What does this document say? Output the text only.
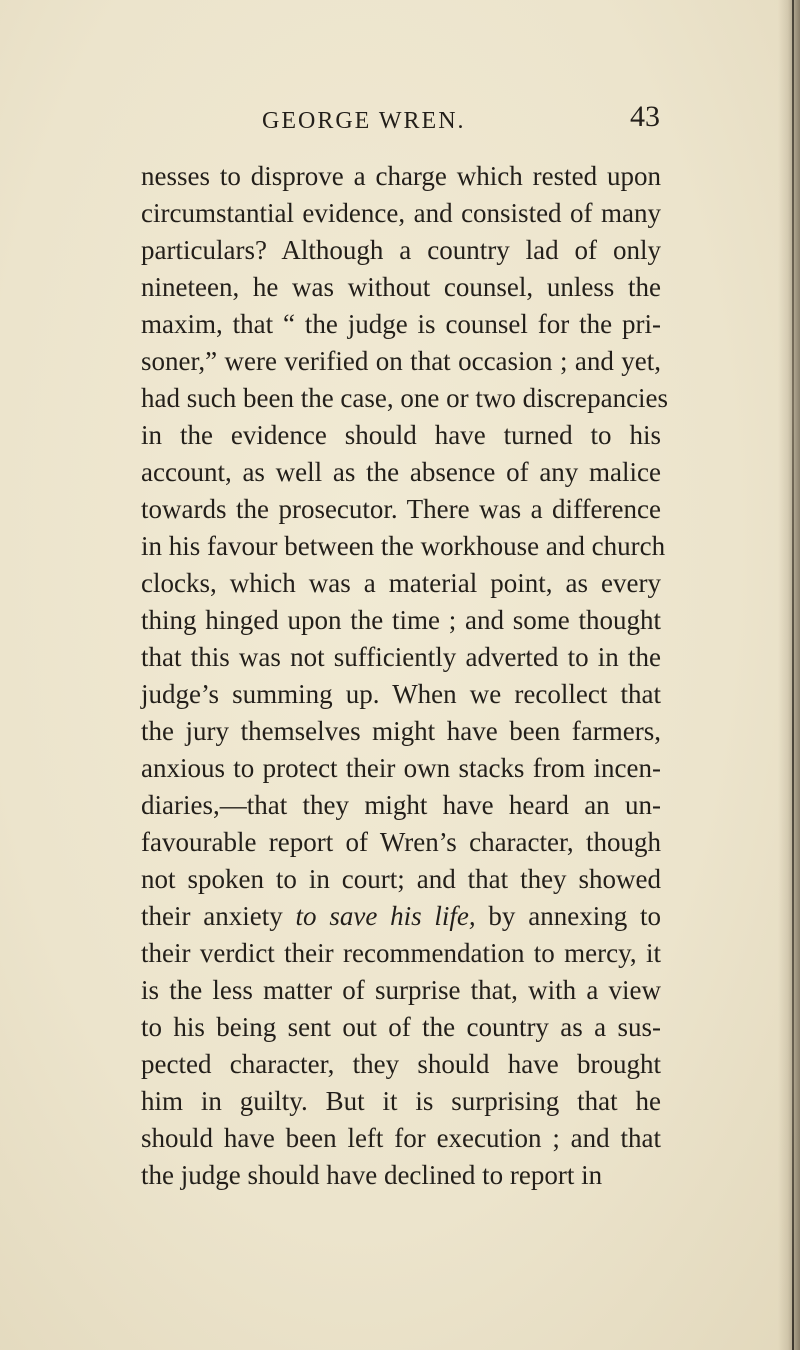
GEORGE WREN.	43
nesses to disprove a charge which rested upon
circumstantial evidence, and consisted of many
particulars? Although a country lad of only
nineteen, he was without counsel, unless the
maxim, that “ the judge is counsel for the pri-
soner,” were verified on that occasion ; and yet,
had such been the case, one or two discrepancies
in the evidence should have turned to his
account, as well as the absence of any malice
towards the prosecutor. There was a difference
in his favour between the workhouse and church
clocks, which was a material point, as every
thing hinged upon the time ; and some thought
that this was not sufficiently adverted to in the
judge’s summing up. When we recollect that
the jury themselves might have been farmers,
anxious to protect their own stacks from incen-
diaries,—that they might have heard an un-
favourable report of Wren’s character, though
not spoken to in court; and that they showed
their anxiety to save his life, by annexing to
their verdict their recommendation to mercy, it
is the less matter of surprise that, with a view
to his being sent out of the country as a sus-
pected character, they should have brought
him in guilty. But it is surprising that he
should have been left for execution ; and that
the judge should have declined to report in
